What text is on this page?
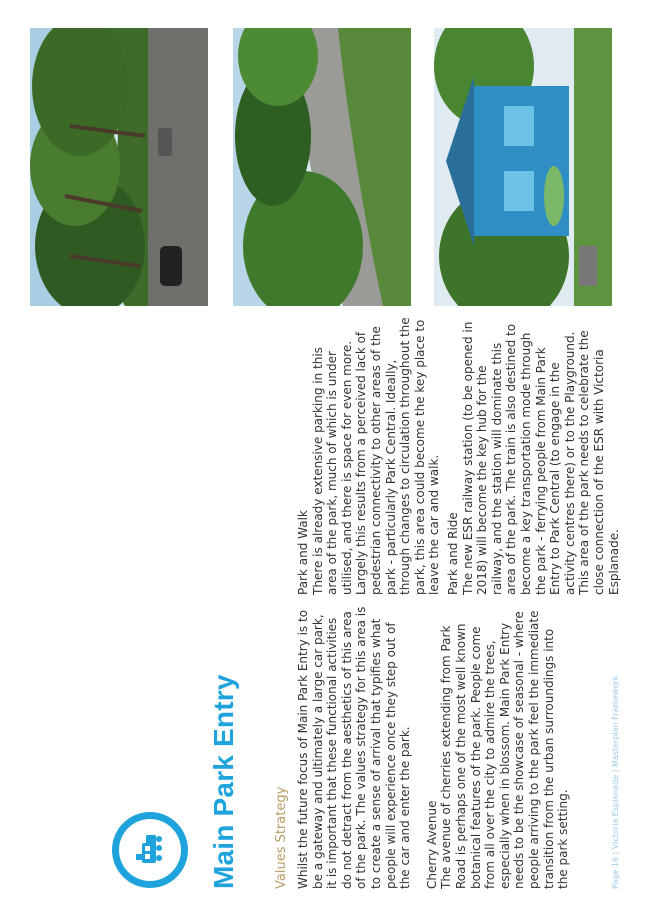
Main Park Entry	Values Strategy Whilst the future focus of Main Park Entry is to be a gateway and ultimately a large car park, it is important that these functional activities do not detract from the aesthetics of this area of the park. The values strategy for this area is to create a sense of arrival that typifies what people will experience once they step out of the car and enter the park. Cherry Avenue The avenue of cherries extending from Park Road is perhaps one of the most well known botanical features of the park. People come from all over the city to admire the trees, especially when in blossom. Main Park Entry needs to be the showcase of seasonal - where people arriving to the park feel the immediate transition from the urban surroundings into the park setting.

Park and Walk There is already extensive parking in this area of the park, much of which is under utilised, and there is space for even more. Largely this results from a perceived lack of pedestrian connectivity to other areas of the park - particularly Park Central. Ideally, through changes to circulation throughout the park, this area could become the key place to leave the car and walk. Park and Ride The new ESR railway station (to be opened in 2018) will become the key hub for the railway, and the station will dominate this area of the park. The train is also destined to become a key transportation mode through the park - ferrying people from Main Park Entry to Park Central (to engage in the activity centres there) or to the Playground. This area of the park needs to celebrate the close connection of the ESR with Victoria Esplanade.

Page 16 | Victoria Esplanade | Masterplan Framework
